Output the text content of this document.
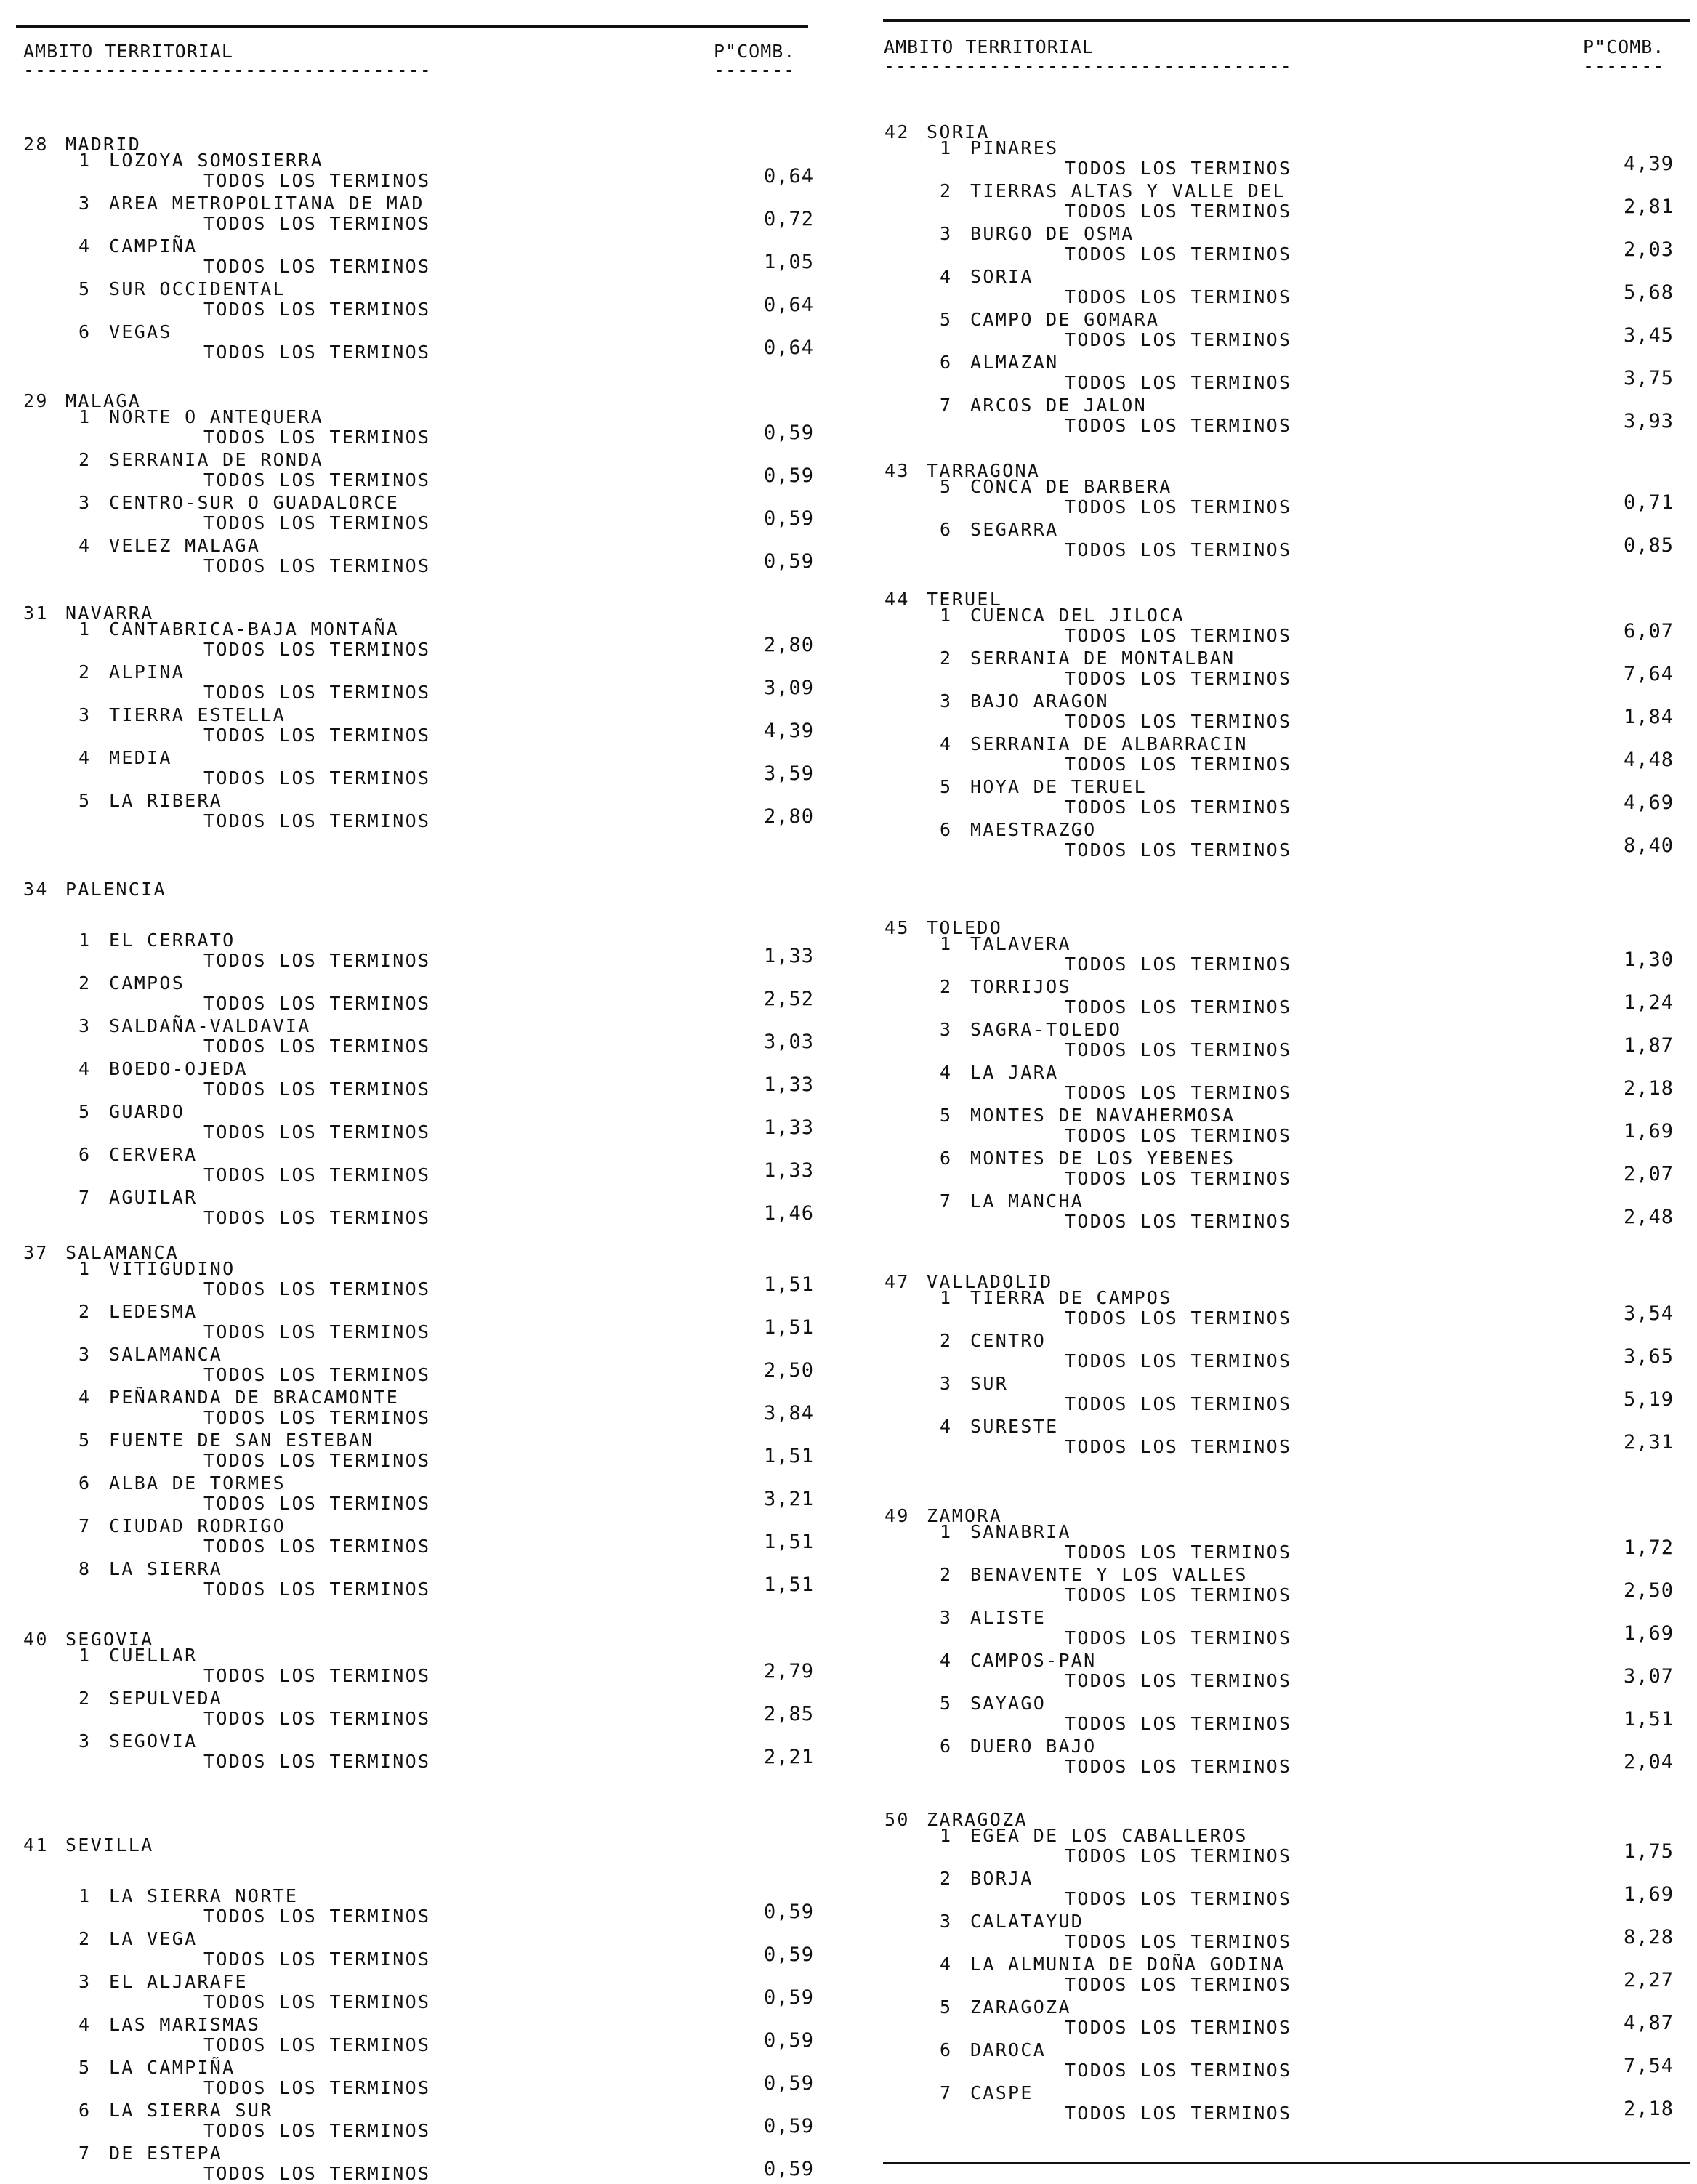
AMBITO TERRITORIAL
-----------------------------------
P"COMB.
-------
28 MADRID
1 LOZOYA SOMOSIERRA
TODOS LOS TERMINOS	0,64
3 AREA METROPOLITANA DE MAD
TODOS LOS TERMINOS	0,72
4 CAMPIÑA
TODOS LOS TERMINOS	1,05
5 SUR OCCIDENTAL
TODOS LOS TERMINOS	0,64
6 VEGAS
TODOS LOS TERMINOS	0,64
29 MALAGA
1 NORTE O ANTEQUERA
TODOS LOS TERMINOS	0,59
2 SERRANIA DE RONDA
TODOS LOS TERMINOS	0,59
3 CENTRO-SUR O GUADALORCE
TODOS LOS TERMINOS	0,59
4 VELEZ MALAGA
TODOS LOS TERMINOS	0,59
31 NAVARRA
1 CANTABRICA-BAJA MONTAÑA
TODOS LOS TERMINOS	2,80
2 ALPINA
TODOS LOS TERMINOS	3,09
3 TIERRA ESTELLA
TODOS LOS TERMINOS	4,39
4 MEDIA
TODOS LOS TERMINOS	3,59
5 LA RIBERA
TODOS LOS TERMINOS	2,80
34 PALENCIA
1 EL CERRATO
TODOS LOS TERMINOS	1,33
2 CAMPOS
TODOS LOS TERMINOS	2,52
3 SALDAÑA-VALDAVIA
TODOS LOS TERMINOS	3,03
4 BOEDO-OJEDA
TODOS LOS TERMINOS	1,33
5 GUARDO
TODOS LOS TERMINOS	1,33
6 CERVERA
TODOS LOS TERMINOS	1,33
7 AGUILAR
TODOS LOS TERMINOS	1,46
37 SALAMANCA
1 VITIGUDINO
TODOS LOS TERMINOS	1,51
2 LEDESMA
TODOS LOS TERMINOS	1,51
3 SALAMANCA
TODOS LOS TERMINOS	2,50
4 PEÑARANDA DE BRACAMONTE
TODOS LOS TERMINOS	3,84
5 FUENTE DE SAN ESTEBAN
TODOS LOS TERMINOS	1,51
6 ALBA DE TORMES
TODOS LOS TERMINOS	3,21
7 CIUDAD RODRIGO
TODOS LOS TERMINOS	1,51
8 LA SIERRA
TODOS LOS TERMINOS	1,51
40 SEGOVIA
1 CUELLAR
TODOS LOS TERMINOS	2,79
2 SEPULVEDA
TODOS LOS TERMINOS	2,85
3 SEGOVIA
TODOS LOS TERMINOS	2,21
41 SEVILLA
1 LA SIERRA NORTE
TODOS LOS TERMINOS	0,59
2 LA VEGA
TODOS LOS TERMINOS	0,59
3 EL ALJARAFE
TODOS LOS TERMINOS	0,59
4 LAS MARISMAS
TODOS LOS TERMINOS	0,59
5 LA CAMPIÑA
TODOS LOS TERMINOS	0,59
6 LA SIERRA SUR
TODOS LOS TERMINOS	0,59
7 DE ESTEPA
TODOS LOS TERMINOS	0,59
AMBITO TERRITORIAL
-----------------------------------
P"COMB.
-------
42 SORIA
1 PINARES
TODOS LOS TERMINOS	4,39
2 TIERRAS ALTAS Y VALLE DEL
TODOS LOS TERMINOS	2,81
3 BURGO DE OSMA
TODOS LOS TERMINOS	2,03
4 SORIA
TODOS LOS TERMINOS	5,68
5 CAMPO DE GOMARA
TODOS LOS TERMINOS	3,45
6 ALMAZAN
TODOS LOS TERMINOS	3,75
7 ARCOS DE JALON
TODOS LOS TERMINOS	3,93
43 TARRAGONA
5 CONCA DE BARBERA
TODOS LOS TERMINOS	0,71
6 SEGARRA
TODOS LOS TERMINOS	0,85
44 TERUEL
1 CUENCA DEL JILOCA
TODOS LOS TERMINOS	6,07
2 SERRANIA DE MONTALBAN
TODOS LOS TERMINOS	7,64
3 BAJO ARAGON
TODOS LOS TERMINOS	1,84
4 SERRANIA DE ALBARRACIN
TODOS LOS TERMINOS	4,48
5 HOYA DE TERUEL
TODOS LOS TERMINOS	4,69
6 MAESTRAZGO
TODOS LOS TERMINOS	8,40
45 TOLEDO
1 TALAVERA
TODOS LOS TERMINOS	1,30
2 TORRIJOS
TODOS LOS TERMINOS	1,24
3 SAGRA-TOLEDO
TODOS LOS TERMINOS	1,87
4 LA JARA
TODOS LOS TERMINOS	2,18
5 MONTES DE NAVAHERMOSA
TODOS LOS TERMINOS	1,69
6 MONTES DE LOS YEBENES
TODOS LOS TERMINOS	2,07
7 LA MANCHA
TODOS LOS TERMINOS	2,48
47 VALLADOLID
1 TIERRA DE CAMPOS
TODOS LOS TERMINOS	3,54
2 CENTRO
TODOS LOS TERMINOS	3,65
3 SUR
TODOS LOS TERMINOS	5,19
4 SURESTE
TODOS LOS TERMINOS	2,31
49 ZAMORA
1 SANABRIA
TODOS LOS TERMINOS	1,72
2 BENAVENTE Y LOS VALLES
TODOS LOS TERMINOS	2,50
3 ALISTE
TODOS LOS TERMINOS	1,69
4 CAMPOS-PAN
TODOS LOS TERMINOS	3,07
5 SAYAGO
TODOS LOS TERMINOS	1,51
6 DUERO BAJO
TODOS LOS TERMINOS	2,04
50 ZARAGOZA
1 EGEA DE LOS CABALLEROS
TODOS LOS TERMINOS	1,75
2 BORJA
TODOS LOS TERMINOS	1,69
3 CALATAYUD
TODOS LOS TERMINOS	8,28
4 LA ALMUNIA DE DOÑA GODINA
TODOS LOS TERMINOS	2,27
5 ZARAGOZA
TODOS LOS TERMINOS	4,87
6 DAROCA
TODOS LOS TERMINOS	7,54
7 CASPE
TODOS LOS TERMINOS	2,18
